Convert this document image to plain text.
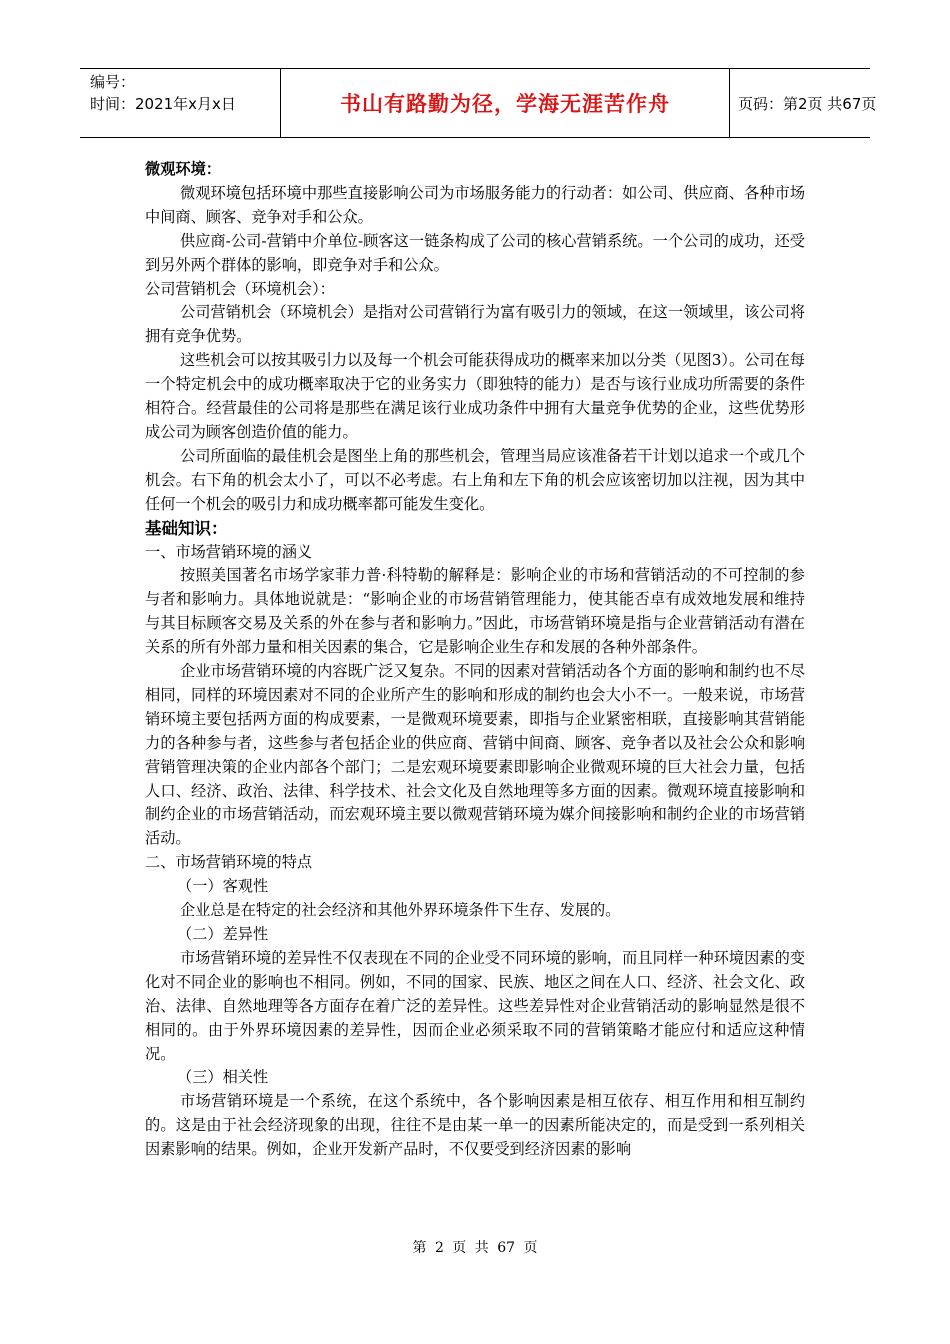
编号：
时间：2021年x月x日	书山有路勤为径，学海无涯苦作舟	页码：第2页 共67页

微观环境：

微观环境包括环境中那些直接影响公司为市场服务能力的行动者：如公司、供应商、各种市场中间商、顾客、竞争对手和公众。

供应商-公司-营销中介单位-顾客这一链条构成了公司的核心营销系统。一个公司的成功，还受到另外两个群体的影响，即竞争对手和公众。

公司营销机会（环境机会）：

公司营销机会（环境机会）是指对公司营销行为富有吸引力的领域，在这一领域里，该公司将拥有竞争优势。

这些机会可以按其吸引力以及每一个机会可能获得成功的概率来加以分类（见图3）。公司在每一个特定机会中的成功概率取决于它的业务实力（即独特的能力）是否与该行业成功所需要的条件相符合。经营最佳的公司将是那些在满足该行业成功条件中拥有大量竞争优势的企业，这些优势形成公司为顾客创造价值的能力。

公司所面临的最佳机会是图坐上角的那些机会，管理当局应该准备若干计划以追求一个或几个机会。右下角的机会太小了，可以不必考虑。右上角和左下角的机会应该密切加以注视，因为其中任何一个机会的吸引力和成功概率都可能发生变化。

基础知识：

一、市场营销环境的涵义

按照美国著名市场学家菲力普·科特勒的解释是：影响企业的市场和营销活动的不可控制的参与者和影响力。具体地说就是：“影响企业的市场营销管理能力，使其能否卓有成效地发展和维持与其目标顾客交易及关系的外在参与者和影响力。”因此，市场营销环境是指与企业营销活动有潜在关系的所有外部力量和相关因素的集合，它是影响企业生存和发展的各种外部条件。

企业市场营销环境的内容既广泛又复杂。不同的因素对营销活动各个方面的影响和制约也不尽相同，同样的环境因素对不同的企业所产生的影响和形成的制约也会大小不一。一般来说，市场营销环境主要包括两方面的构成要素，一是微观环境要素，即指与企业紧密相联，直接影响其营销能力的各种参与者，这些参与者包括企业的供应商、营销中间商、顾客、竞争者以及社会公众和影响营销管理决策的企业内部各个部门；二是宏观环境要素即影响企业微观环境的巨大社会力量，包括人口、经济、政治、法律、科学技术、社会文化及自然地理等多方面的因素。微观环境直接影响和制约企业的市场营销活动，而宏观环境主要以微观营销环境为媒介间接影响和制约企业的市场营销活动。

二、市场营销环境的特点

（一）客观性

企业总是在特定的社会经济和其他外界环境条件下生存、发展的。

（二）差异性

市场营销环境的差异性不仅表现在不同的企业受不同环境的影响，而且同样一种环境因素的变化对不同企业的影响也不相同。例如，不同的国家、民族、地区之间在人口、经济、社会文化、政治、法律、自然地理等各方面存在着广泛的差异性。这些差异性对企业营销活动的影响显然是很不相同的。由于外界环境因素的差异性，因而企业必须采取不同的营销策略才能应付和适应这种情况。

（三）相关性

市场营销环境是一个系统，在这个系统中，各个影响因素是相互依存、相互作用和相互制约的。这是由于社会经济现象的出现，往往不是由某一单一的因素所能决定的，而是受到一系列相关因素影响的结果。例如，企业开发新产品时，不仅要受到经济因素的影响

第 2 页 共 67 页
